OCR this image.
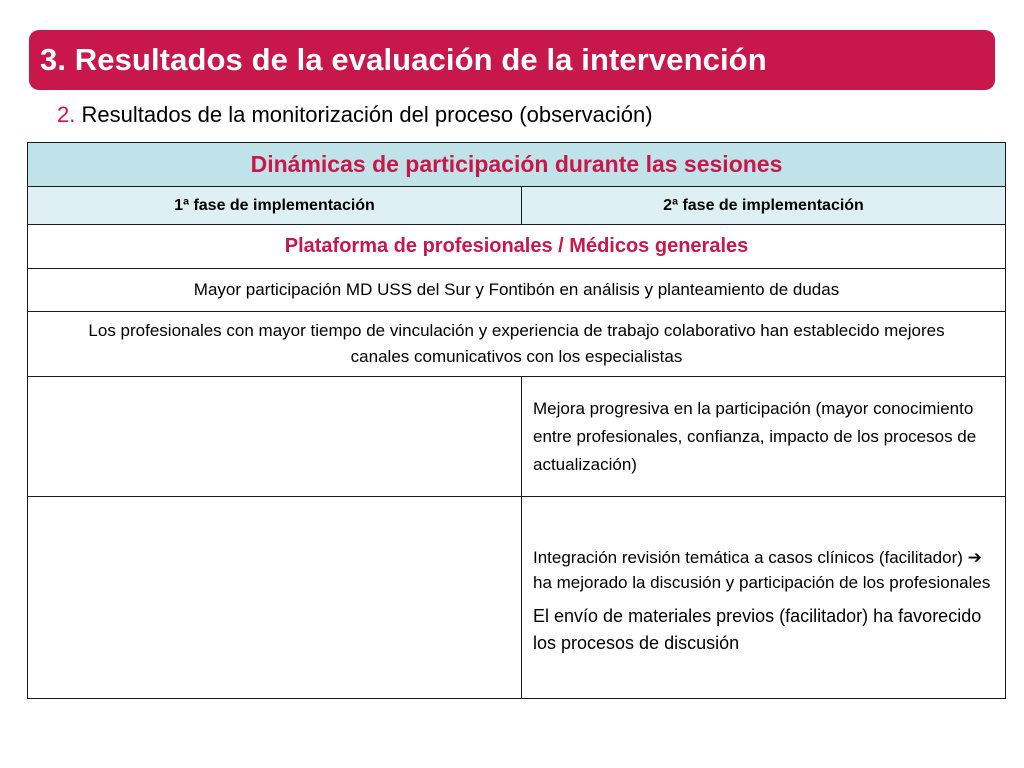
3. Resultados de la evaluación de la intervención
2. Resultados de la monitorización del proceso (observación)
Dinámicas de participación durante las sesiones	
1ª fase de implementación	2ª fase de implementación
Plataforma de profesionales / Médicos generales	
Mayor participación MD USS del Sur y Fontibón en análisis y planteamiento de dudas	

Los profesionales con mayor tiempo de vinculación y experiencia de trabajo colaborativo han establecido mejores canales comunicativos con los especialistas	

	Mejora progresiva en la participación (mayor conocimiento entre profesionales, confianza, impacto de los procesos de actualización)

	Integración revisión temática a casos clínicos (facilitador) ➔ ha mejorado la discusión y participación de los profesionales

El envío de materiales previos (facilitador) ha favorecido los procesos de discusión
